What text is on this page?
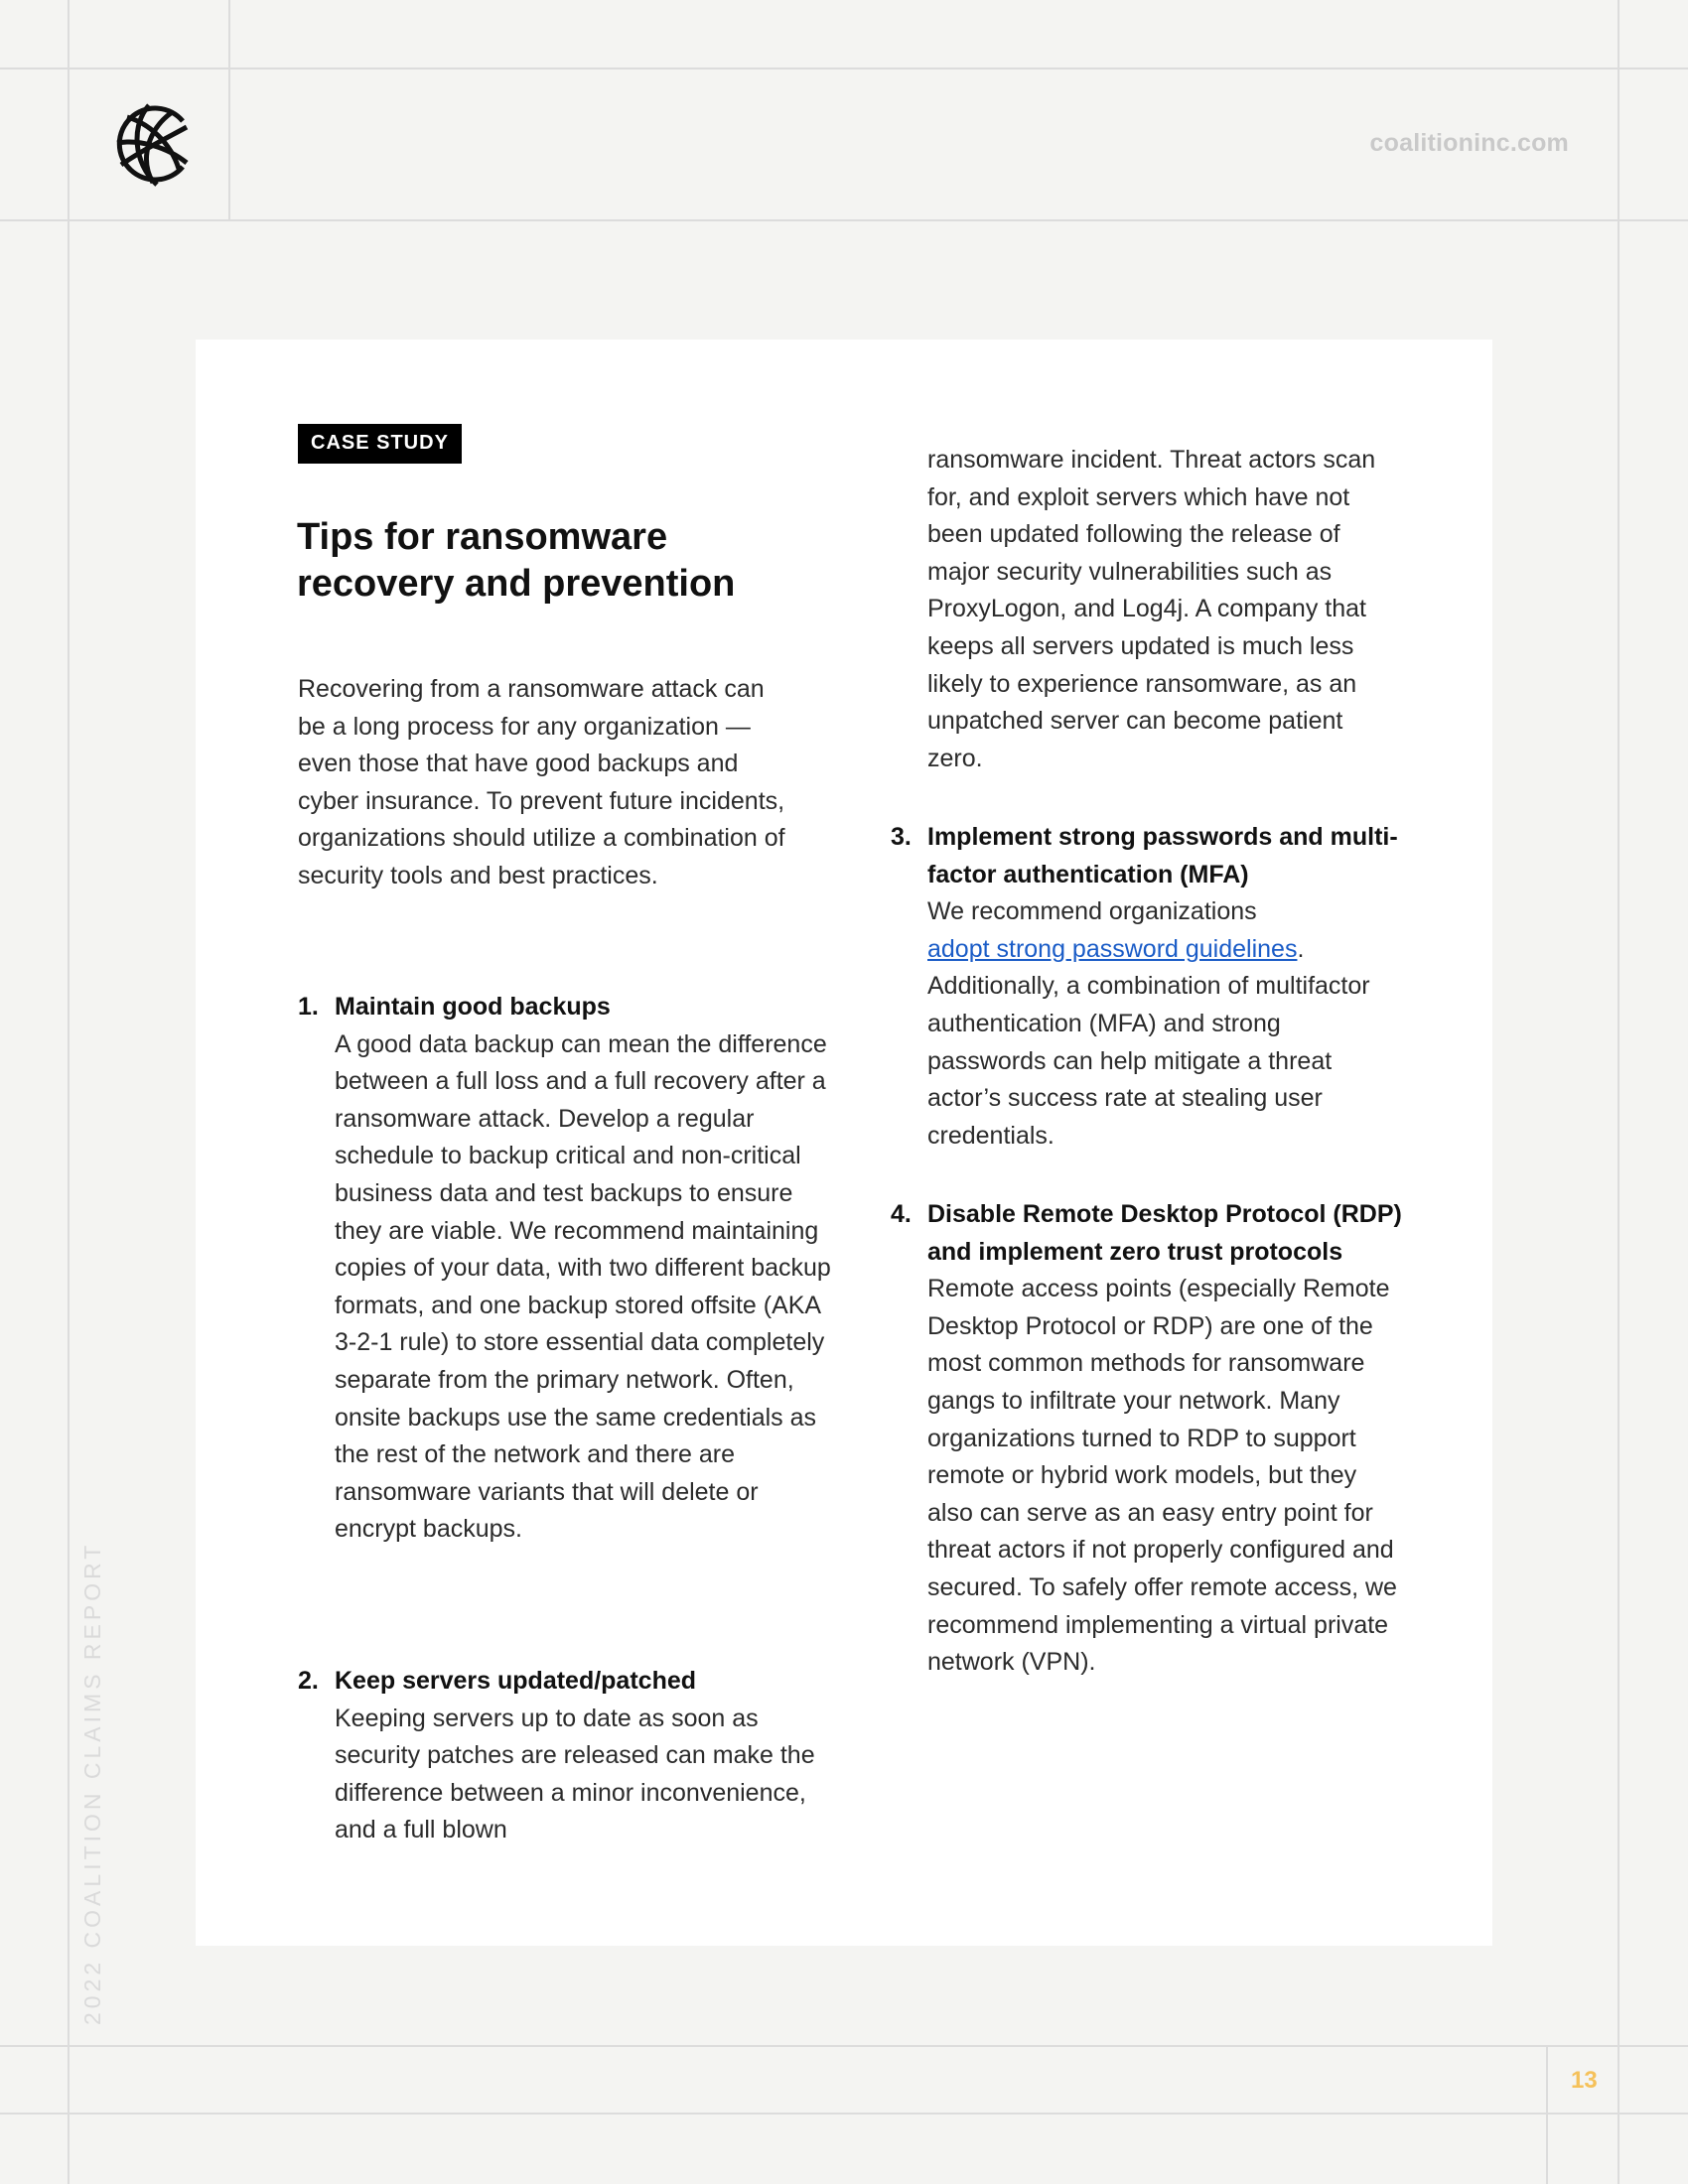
coalitioninc.com
2022 COALITION CLAIMS REPORT
13
CASE STUDY
Tips for ransomware recovery and prevention

Recovering from a ransomware attack can be a long process for any organization — even those that have good backups and cyber insurance. To prevent future incidents, organizations should utilize a combination of security tools and best practices.

1. Maintain good backups
A good data backup can mean the difference between a full loss and a full recovery after a ransomware attack. Develop a regular schedule to backup critical and non-critical business data and test backups to ensure they are viable. We recommend maintaining copies of your data, with two different backup formats, and one backup stored offsite (AKA 3-2-1 rule) to store essential data completely separate from the primary network. Often, onsite backups use the same credentials as the rest of the network and there are ransomware variants that will delete or encrypt backups.
2. Keep servers updated/patched
Keeping servers up to date as soon as security patches are released can make the difference between a minor inconvenience, and a full blown

ransomware incident. Threat actors scan for, and exploit servers which have not been updated following the release of major security vulnerabilities such as ProxyLogon, and Log4j. A company that keeps all servers updated is much less likely to experience ransomware, as an unpatched server can become patient zero.

3. Implement strong passwords and multi-factor authentication (MFA)
We recommend organizations
adopt strong password guidelines. Additionally, a combination of multifactor authentication (MFA) and strong passwords can help mitigate a threat actor’s success rate at stealing user credentials.
4. Disable Remote Desktop Protocol (RDP) and implement zero trust protocols
Remote access points (especially Remote Desktop Protocol or RDP) are one of the most common methods for ransomware gangs to infiltrate your network. Many organizations turned to RDP to support remote or hybrid work models, but they also can serve as an easy entry point for threat actors if not properly configured and secured. To safely offer remote access, we recommend implementing a virtual private network (VPN).
